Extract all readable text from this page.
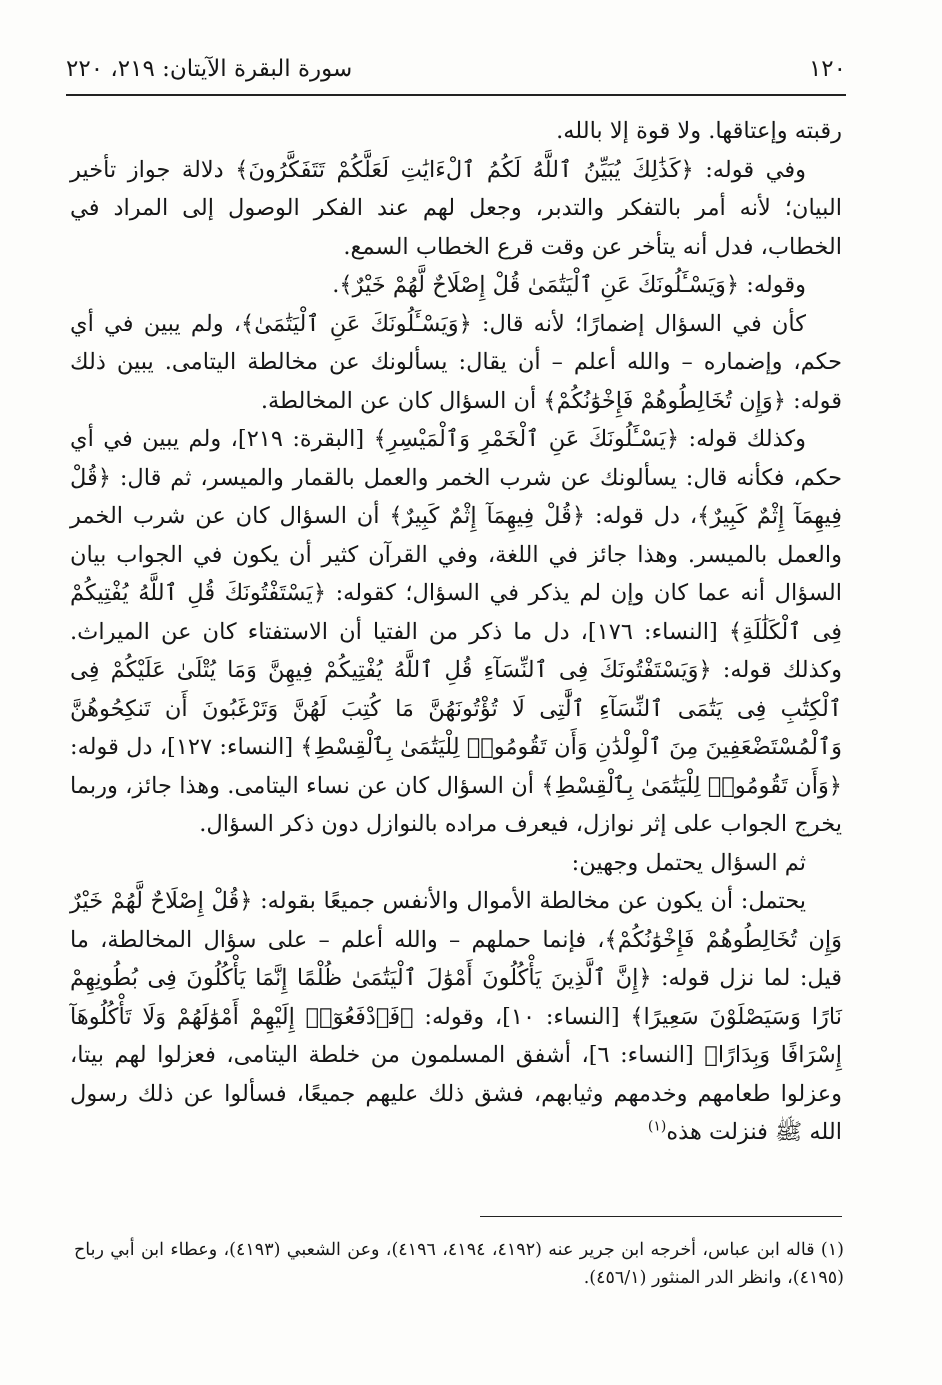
١٢٠
سورة البقرة الآيتان: ٢١٩، ٢٢٠

رقبته وإعتاقها. ولا قوة إلا بالله.

وفي قوله: ﴿كَذَٰلِكَ يُبَيِّنُ ٱللَّهُ لَكُمُ ٱلْءَايَٰتِ لَعَلَّكُمْ تَتَفَكَّرُونَ﴾ دلالة جواز تأخير البيان؛ لأنه أمر بالتفكر والتدبر، وجعل لهم عند الفكر الوصول إلى المراد في الخطاب، فدل أنه يتأخر عن وقت قرع الخطاب السمع.

وقوله: ﴿وَيَسْـَٔلُونَكَ عَنِ ٱلْيَتَٰمَىٰ قُلْ إِصْلَاحٌ لَّهُمْ خَيْرٌ﴾.

كأن في السؤال إضمارًا؛ لأنه قال: ﴿وَيَسْـَٔلُونَكَ عَنِ ٱلْيَتَٰمَىٰ﴾، ولم يبين في أي حكم، وإضماره – والله أعلم – أن يقال: يسألونك عن مخالطة اليتامى. يبين ذلك قوله: ﴿وَإِن تُخَالِطُوهُمْ فَإِخْوَٰنُكُمْ﴾ أن السؤال كان عن المخالطة.

وكذلك قوله: ﴿يَسْـَٔلُونَكَ عَنِ ٱلْخَمْرِ وَٱلْمَيْسِرِ﴾ [البقرة: ٢١٩]، ولم يبين في أي حكم، فكأنه قال: يسألونك عن شرب الخمر والعمل بالقمار والميسر، ثم قال: ﴿قُلْ فِيهِمَآ إِثْمٌ كَبِيرٌ﴾، دل قوله: ﴿قُلْ فِيهِمَآ إِثْمٌ كَبِيرٌ﴾ أن السؤال كان عن شرب الخمر والعمل بالميسر. وهذا جائز في اللغة، وفي القرآن كثير أن يكون في الجواب بيان السؤال أنه عما كان وإن لم يذكر في السؤال؛ كقوله: ﴿يَسْتَفْتُونَكَ قُلِ ٱللَّهُ يُفْتِيكُمْ فِى ٱلْكَلَٰلَةِ﴾ [النساء: ١٧٦]، دل ما ذكر من الفتيا أن الاستفتاء كان عن الميراث. وكذلك قوله: ﴿وَيَسْتَفْتُونَكَ فِى ٱلنِّسَآءِ قُلِ ٱللَّهُ يُفْتِيكُمْ فِيهِنَّ وَمَا يُتْلَىٰ عَلَيْكُمْ فِى ٱلْكِتَٰبِ فِى يَتَٰمَى ٱلنِّسَآءِ ٱلَّٰتِى لَا تُؤْتُونَهُنَّ مَا كُتِبَ لَهُنَّ وَتَرْغَبُونَ أَن تَنكِحُوهُنَّ وَٱلْمُسْتَضْعَفِينَ مِنَ ٱلْوِلْدَٰنِ وَأَن تَقُومُوا۟ لِلْيَتَٰمَىٰ بِٱلْقِسْطِ﴾ [النساء: ١٢٧]، دل قوله: ﴿وَأَن تَقُومُوا۟ لِلْيَتَٰمَىٰ بِٱلْقِسْطِ﴾ أن السؤال كان عن نساء اليتامى. وهذا جائز، وربما يخرج الجواب على إثر نوازل، فيعرف مراده بالنوازل دون ذكر السؤال.

ثم السؤال يحتمل وجهين:

يحتمل: أن يكون عن مخالطة الأموال والأنفس جميعًا بقوله: ﴿قُلْ إِصْلَاحٌ لَّهُمْ خَيْرٌ وَإِن تُخَالِطُوهُمْ فَإِخْوَٰنُكُمْ﴾، فإنما حملهم – والله أعلم – على سؤال المخالطة، ما قيل: لما نزل قوله: ﴿إِنَّ ٱلَّذِينَ يَأْكُلُونَ أَمْوَٰلَ ٱلْيَتَٰمَىٰ ظُلْمًا إِنَّمَا يَأْكُلُونَ فِى بُطُونِهِمْ نَارًا وَسَيَصْلَوْنَ سَعِيرًا﴾ [النساء: ١٠]، وقوله: ﴿فَٱدْفَعُوٓا۟ إِلَيْهِمْ أَمْوَٰلَهُمْ وَلَا تَأْكُلُوهَآ إِسْرَافًا وَبِدَارًا﴾ [النساء: ٦]، أشفق المسلمون من خلطة اليتامى، فعزلوا لهم بيتا، وعزلوا طعامهم وخدمهم وثيابهم، فشق ذلك عليهم جميعًا، فسألوا عن ذلك رسول الله ﷺ فنزلت هذه$^{(١)}$

(١) قاله ابن عباس، أخرجه ابن جرير عنه (٤١٩٢، ٤١٩٤، ٤١٩٦)، وعن الشعبي (٤١٩٣)، وعطاء ابن أبي رباح (٤١٩٥)، وانظر الدر المنثور (٤٥٦/١).
